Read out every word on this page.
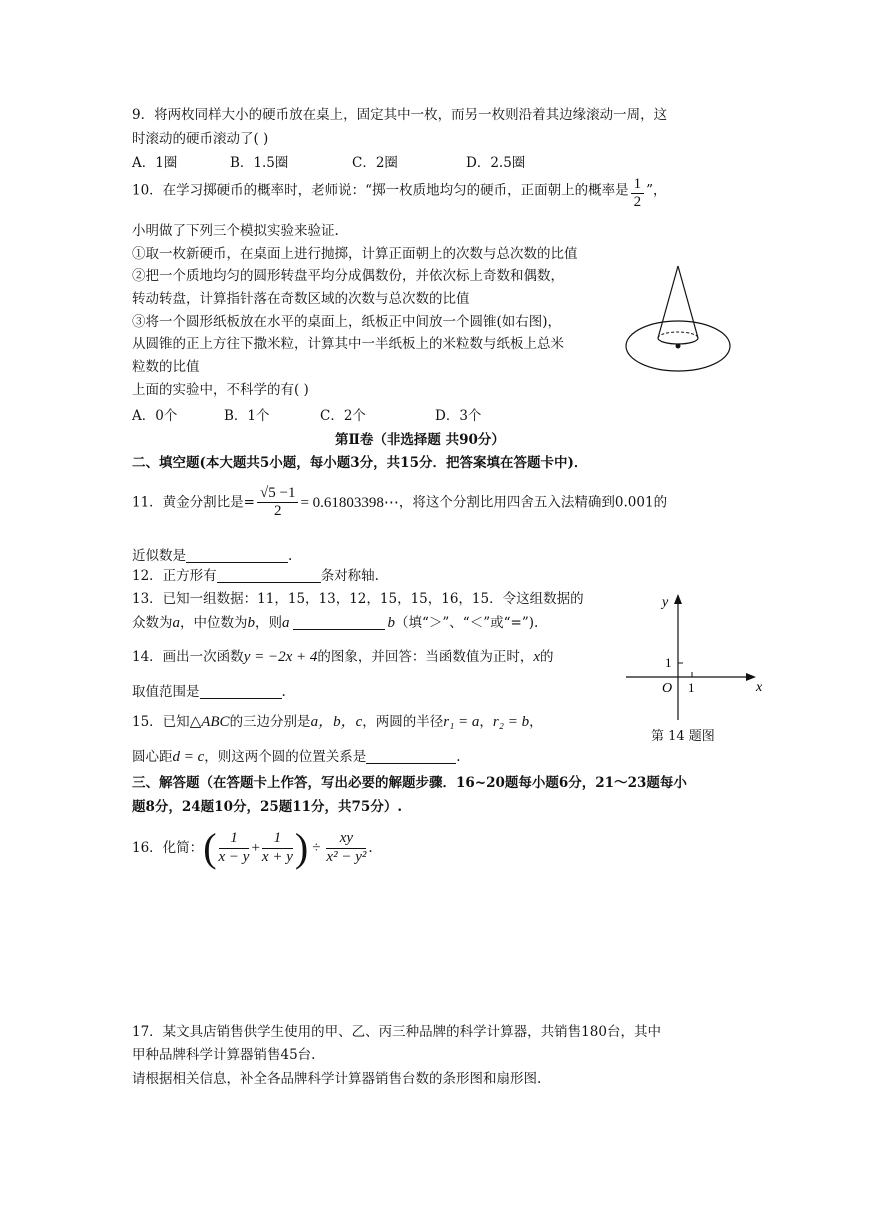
9．将两枚同样大小的硬币放在桌上，固定其中一枚，而另一枚则沿着其边缘滚动一周，这
时滚动的硬币滚动了( )
A．1圈	B．1.5圈	C．2圈	D．2.5圈
10．在学习掷硬币的概率时，老师说：“掷一枚质地均匀的硬币，正面朝上的概率是 $\frac{1}{2}$ ”，
小明做了下列三个模拟实验来验证.
①取一枚新硬币，在桌面上进行抛掷，计算正面朝上的次数与总次数的比值
②把一个质地均匀的圆形转盘平均分成偶数份，并依次标上奇数和偶数，
转动转盘，计算指针落在奇数区域的次数与总次数的比值
③将一个圆形纸板放在水平的桌面上，纸板正中间放一个圆锥(如右图)，
从圆锥的正上方往下撒米粒，计算其中一半纸板上的米粒数与纸板上总米
粒数的比值
上面的实验中，不科学的有( )
A．0个	B．1个	C．2个	D．3个
第Ⅱ卷（非选择题 共90分）
二、填空题(本大题共5小题，每小题3分，共15分．把答案填在答题卡中)．
11．黄金分割比是= $\frac{√5 -1}{2}$ = 0.61803398⋯，将这个分割比用四舍五入法精确到0.001的
近似数是	.
12．正方形有	条对称轴.
13．已知一组数据：11，15，13，12，15，15，16，15．令这组数据的
众数为a，中位数为b，则a	b（填“＞”、“＜”或“=”).
14．画出一次函数y = −2x + 4的图象，并回答：当函数值为正时，x的
取值范围是	.
15．已知△ABC的三边分别是a，b，c，两圆的半径r₁ = a，r₂ = b，
圆心距d = c，则这两个圆的位置关系是	.
y
x
O
1
1
第 14 题图
三、解答题（在答题卡上作答，写出必要的解题步骤．16~20题每小题6分，21～23题每小
题8分，24题10分，25题11分，共75分）.
16．化简：( $\frac{1}{x - y} + \frac{1}{x + y}$ ) ÷ $\frac{xy}{\text{x² − y²}}$ .
17．某文具店销售供学生使用的甲、乙、丙三种品牌的科学计算器，共销售180台，其中
甲种品牌科学计算器销售45台.
请根据相关信息，补全各品牌科学计算器销售台数的条形图和扇形图.
